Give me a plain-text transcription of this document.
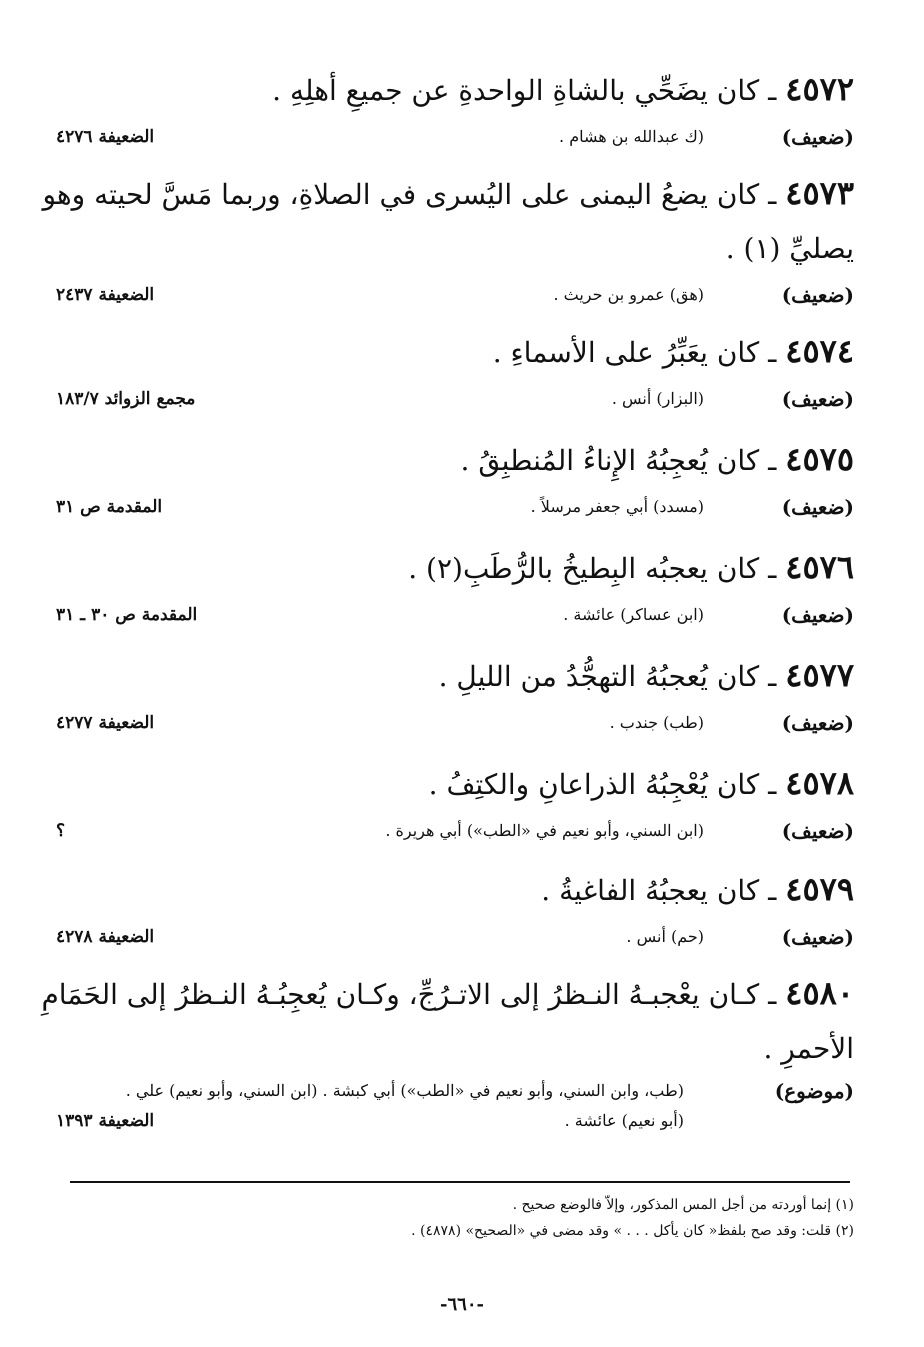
٤٥٧٢ ـ كان يضَحِّي بالشاةِ الواحدةِ عن جميعِ أهلِهِ .
(ضعيف)
(ك عبدالله بن هشام .
الضعيفة ٤٢٧٦
٤٥٧٣ ـ كان يضعُ اليمنى على اليُسرى في الصلاةِ، وربما مَسَّ لحيته وهو يصليِّ (١) .
(ضعيف)
(هق) عمرو بن حريث .
الضعيفة ٢٤٣٧
٤٥٧٤ ـ كان يعَبِّرُ على الأسماءِ .
(ضعيف)
(البزار) أنس .
مجمع الزوائد ١٨٣/٧
٤٥٧٥ ـ كان يُعجِبُهُ الإِناءُ المُنطبِقُ .
(ضعيف)
(مسدد) أبي جعفر مرسلاً .
المقدمة ص ٣١
٤٥٧٦ ـ كان يعجبُه البِطيخُ بالرُّطَبِ(٢) .
(ضعيف)
(ابن عساكر) عائشة .
المقدمة ص ٣٠ ـ ٣١
٤٥٧٧ ـ كان يُعجبُهُ التهجُّدُ من الليلِ .
(ضعيف)
(طب) جندب .
الضعيفة ٤٢٧٧
٤٥٧٨ ـ كان يُعْجِبُهُ الذراعانِ والكتِفُ .
(ضعيف)
(ابن السني، وأبو نعيم في «الطب») أبي هريرة .
؟
٤٥٧٩ ـ كان يعجبُهُ الفاغيةُ .
(ضعيف)
(حم) أنس .
الضعيفة ٤٢٧٨
٤٥٨٠ ـ كـان يعْجبـهُ النـظرُ إلى الاتـرُجِّ، وكـان يُعجِبُـهُ النـظرُ إلى الحَمَامِ الأحمرِ .
(موضوع)
(طب، وابن السني، وأبو نعيم في «الطب») أبي كبشة . (ابن السني، وأبو نعيم) علي . (أبو نعيم) عائشة .
الضعيفة ١٣٩٣
(١) إنما أوردته من أجل المس المذكور، وإلاّ فالوضع صحيح .
(٢) قلت: وقد صح بلفظ« كان يأكل . . . » وقد مضى في «الصحيح» (٤٨٧٨) .
-٦٦٠-
